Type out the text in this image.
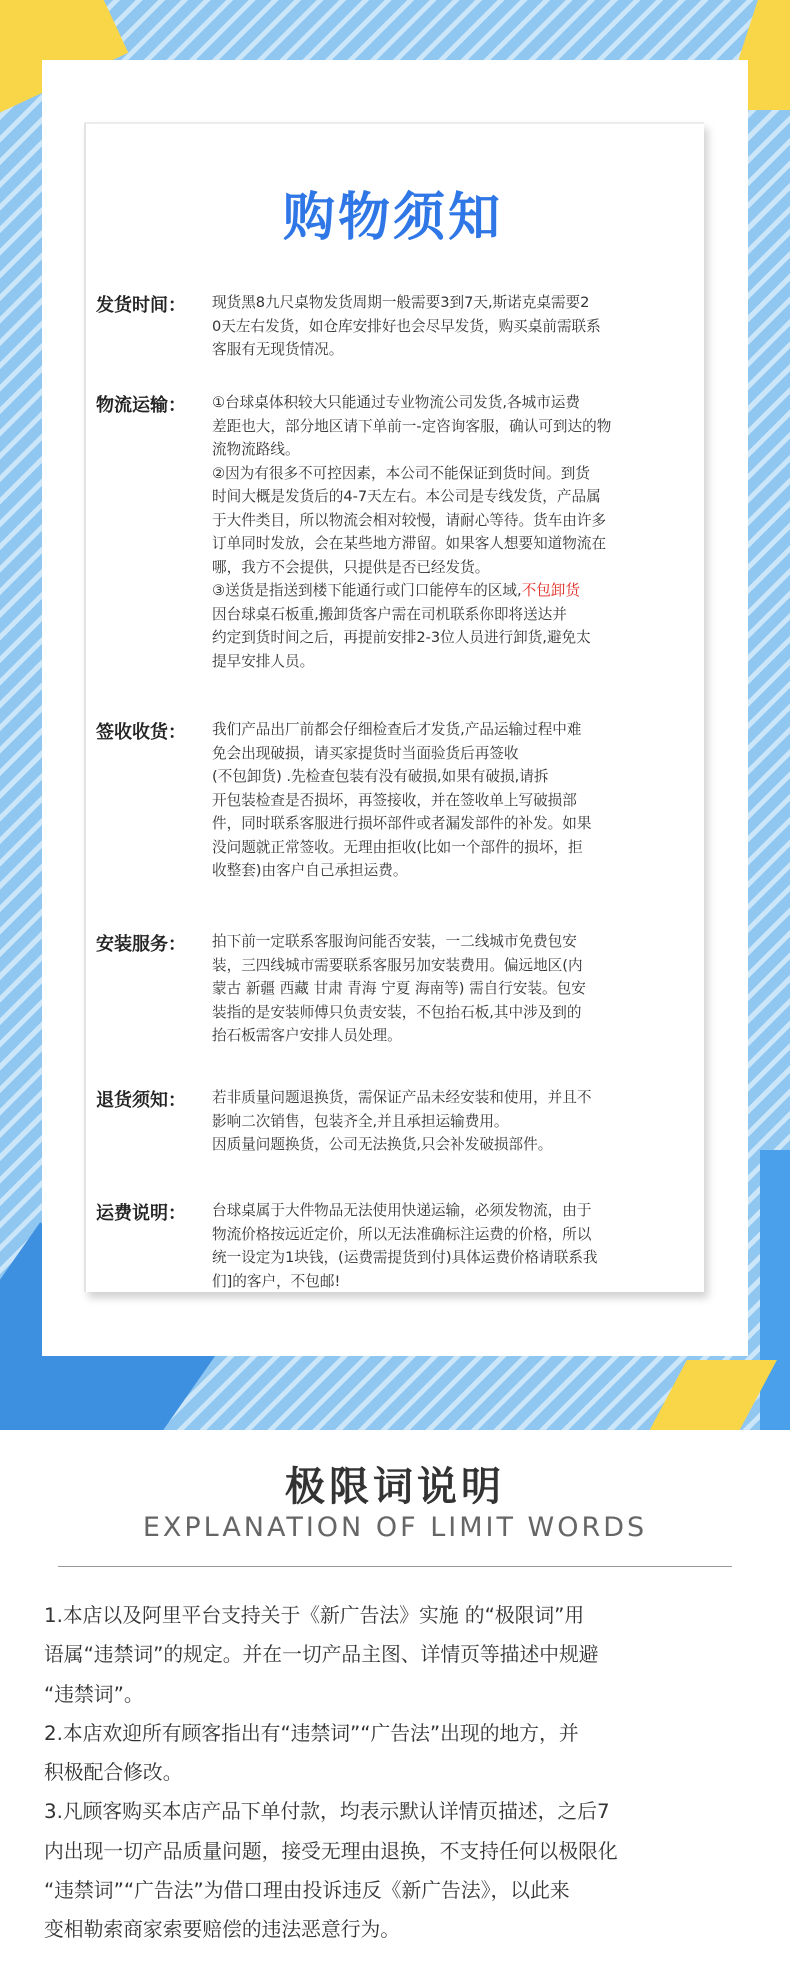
购物须知
发货时间：	现货黑8九尺桌物发货周期一般需要3到7天,斯诺克桌需要2
0天左右发货，如仓库安排好也会尽早发货，购买桌前需联系
客服有无现货情况。
物流运输：	①台球桌体积较大只能通过专业物流公司发货,各城市运费
差距也大，部分地区请下单前一-定咨询客服，确认可到达的物
流物流路线。
②因为有很多不可控因素，本公司不能保证到货时间。到货
时间大概是发货后的4-7天左右。本公司是专线发货，产品属
于大件类目，所以物流会相对较慢，请耐心等待。货车由许多
订单同时发放，会在某些地方滞留。如果客人想要知道物流在
哪，我方不会提供，只提供是否已经发货。
③送货是指送到楼下能通行或门口能停车的区域,不包卸货
因台球桌石板重,搬卸货客户需在司机联系你即将送达并
约定到货时间之后，再提前安排2-3位人员进行卸货,避免太
提早安排人员。
签收收货：	我们产品出厂前都会仔细检查后才发货,产品运输过程中难
免会出现破损，请买家提货时当面验货后再签收
(不包卸货) .先检查包装有没有破损,如果有破损,请拆
开包装检查是否损坏，再签接收，并在签收单上写破损部
件，同时联系客服进行损坏部件或者漏发部件的补发。如果
没问题就正常签收。无理由拒收(比如一个部件的损坏，拒
收整套)由客户自己承担运费。
安装服务：	拍下前一定联系客服询问能否安装，一二线城市免费包安
装，三四线城市需要联系客服另加安装费用。偏远地区(内
蒙古 新疆 西藏 甘肃 青海 宁夏 海南等) 需自行安装。包安
装指的是安装师傅只负责安装，不包抬石板,其中涉及到的
抬石板需客户安排人员处理。
退货须知：	若非质量问题退换货，需保证产品未经安装和使用，并且不
影响二次销售，包装齐全,并且承担运输费用。
因质量问题换货，公司无法换货,只会补发破损部件。
运费说明：	台球桌属于大件物品无法使用快递运输，必须发物流，由于
物流价格按远近定价，所以无法准确标注运费的价格，所以
统一设定为1块钱，(运费需提货到付)具体运费价格请联系我
们]的客户，不包邮!
极限词说明
EXPLANATION OF LIMIT WORDS
1.本店以及阿里平台支持关于《新广告法》实施 的“极限词”用
语属“违禁词”的规定。并在一切产品主图、详情页等描述中规避
“违禁词”。
2.本店欢迎所有顾客指出有“违禁词”“广告法”出现的地方，并
积极配合修改。
3.凡顾客购买本店产品下单付款，均表示默认详情页描述，之后7
内出现一切产品质量问题，接受无理由退换，不支持任何以极限化
“违禁词”“广告法”为借口理由投诉违反《新广告法》，以此来
变相勒索商家索要赔偿的违法恶意行为。
